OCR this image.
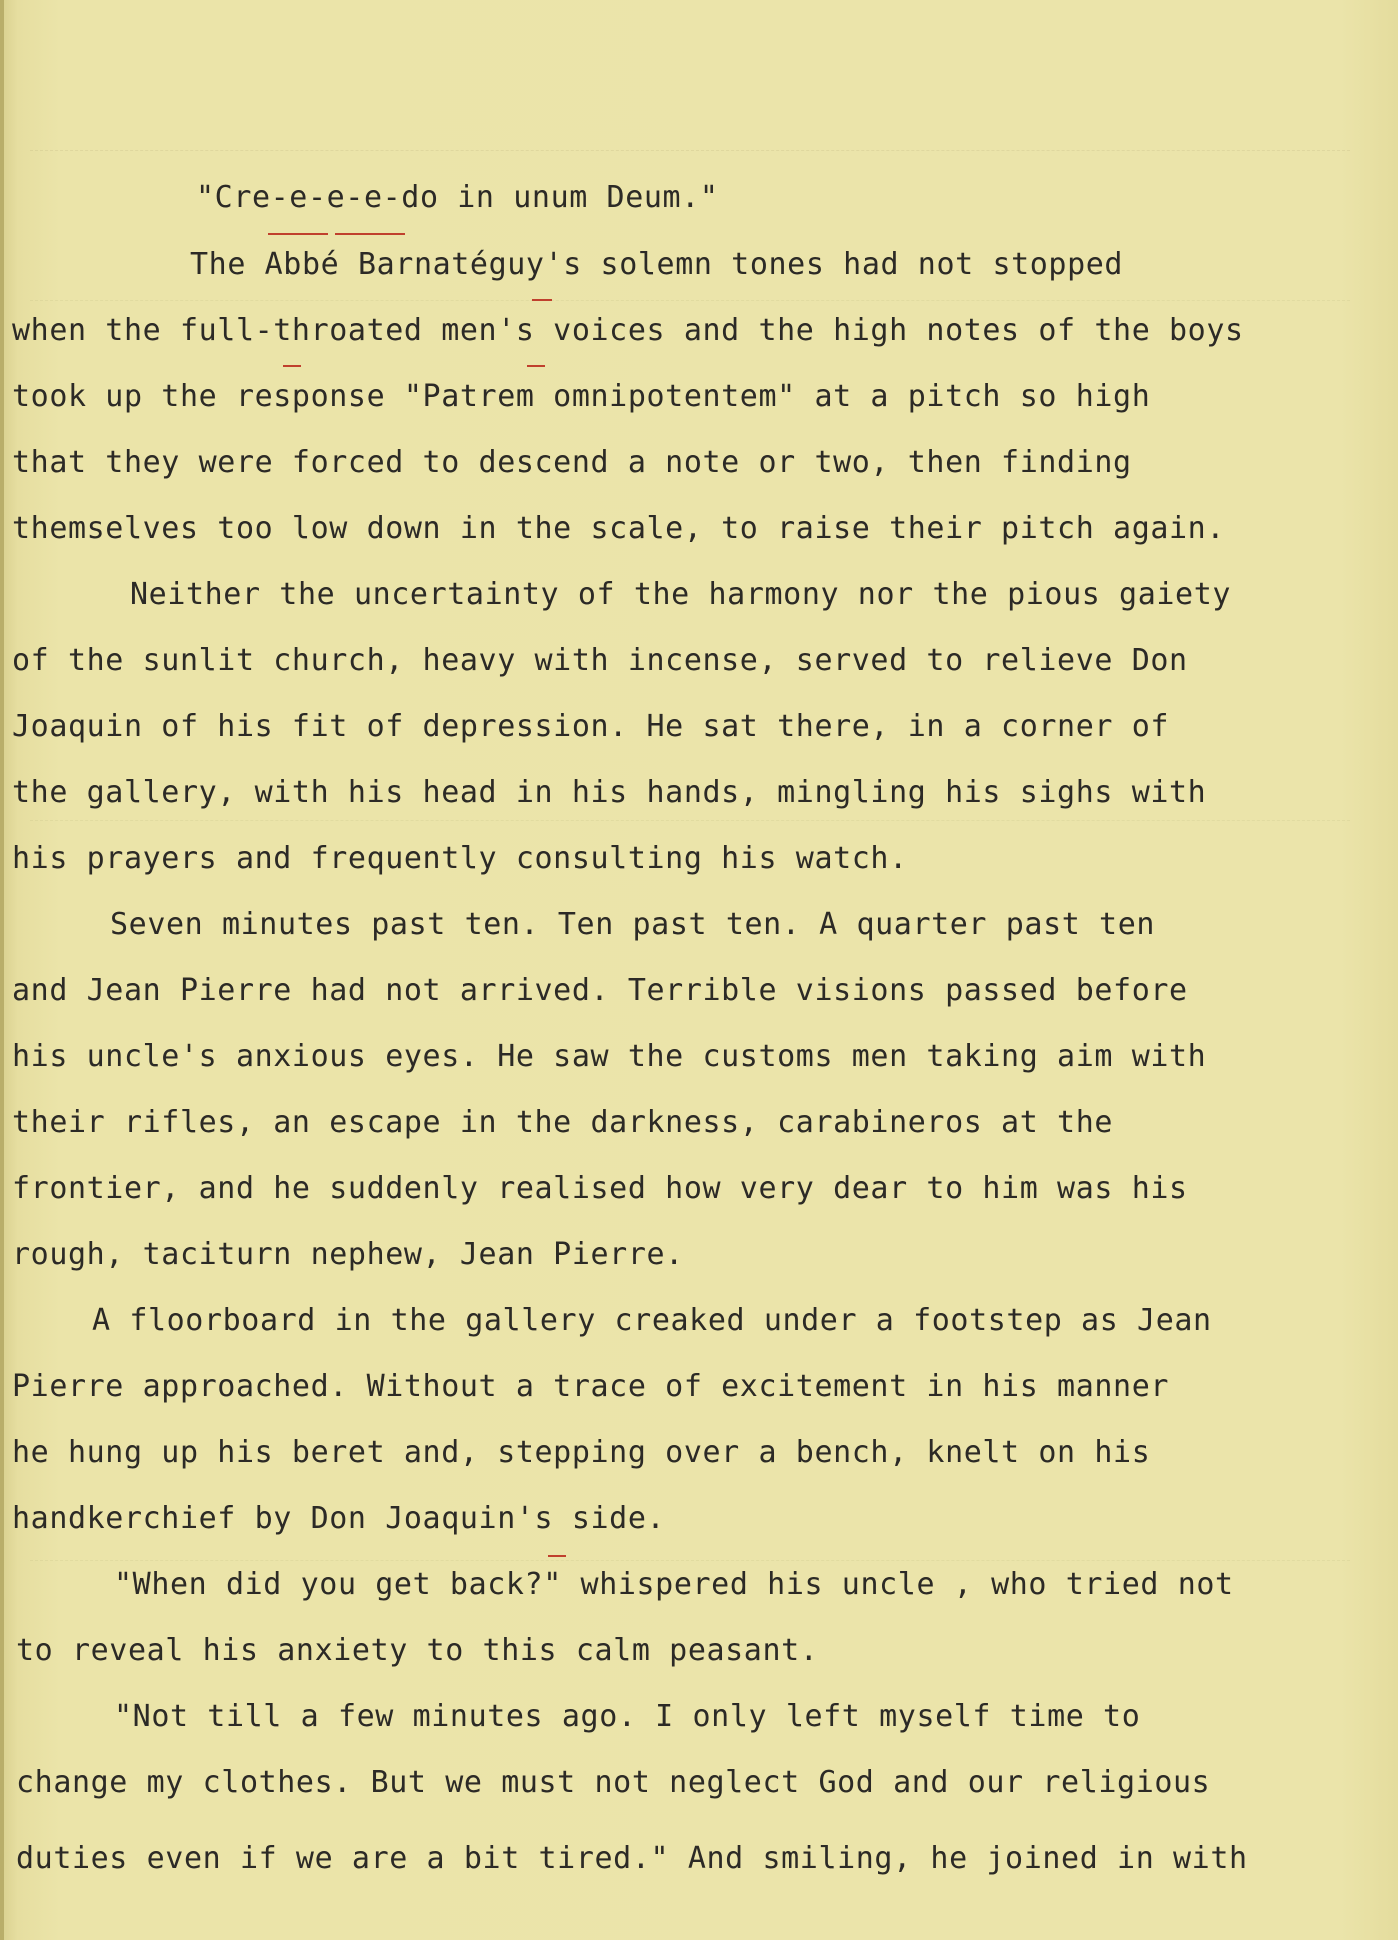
"Cre-e-e-e-do in unum Deum."
The Abbé Barnatéguy's solemn tones had not stopped
when the full-throated men's voices and the high notes of the boys
took up the response "Patrem omnipotentem" at a pitch so high
that they were forced to descend a note or two, then finding
themselves too low down in the scale, to raise their pitch again.
Neither the uncertainty of the harmony nor the pious gaiety
of the sunlit church, heavy with incense, served to relieve Don
Joaquin of his fit of depression. He sat there, in a corner of
the gallery, with his head in his hands, mingling his sighs with
his prayers and frequently consulting his watch.
Seven minutes past ten. Ten past ten. A quarter past ten
and Jean Pierre had not arrived. Terrible visions passed before
his uncle's anxious eyes. He saw the customs men taking aim with
their rifles, an escape in the darkness, carabineros at the
frontier, and he suddenly realised how very dear to him was his
rough, taciturn nephew, Jean Pierre.
A floorboard in the gallery creaked under a footstep as Jean
Pierre approached. Without a trace of excitement in his manner
he hung up his beret and, stepping over a bench, knelt on his
handkerchief by Don Joaquin's side.
"When did you get back?" whispered his uncle , who tried not
to reveal his anxiety to this calm peasant.
"Not till a few minutes ago. I only left myself time to
change my clothes. But we must not neglect God and our religious
duties even if we are a bit tired." And smiling, he joined in with
